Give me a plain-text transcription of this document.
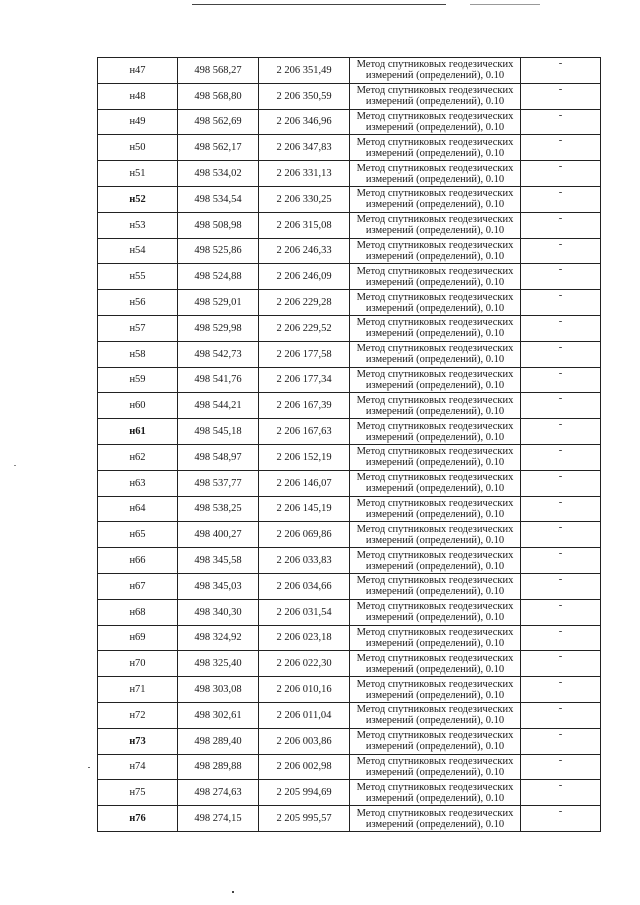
н47	498 568,27	2 206 351,49	Метод спутниковых геодезических
измерений (определений), 0.10	-
н48	498 568,80	2 206 350,59	Метод спутниковых геодезических
измерений (определений), 0.10	-
н49	498 562,69	2 206 346,96	Метод спутниковых геодезических
измерений (определений), 0.10	-
н50	498 562,17	2 206 347,83	Метод спутниковых геодезических
измерений (определений), 0.10	-
н51	498 534,02	2 206 331,13	Метод спутниковых геодезических
измерений (определений), 0.10	-
н52	498 534,54	2 206 330,25	Метод спутниковых геодезических
измерений (определений), 0.10	-
н53	498 508,98	2 206 315,08	Метод спутниковых геодезических
измерений (определений), 0.10	-
н54	498 525,86	2 206 246,33	Метод спутниковых геодезических
измерений (определений), 0.10	-
н55	498 524,88	2 206 246,09	Метод спутниковых геодезических
измерений (определений), 0.10	-
н56	498 529,01	2 206 229,28	Метод спутниковых геодезических
измерений (определений), 0.10	-
н57	498 529,98	2 206 229,52	Метод спутниковых геодезических
измерений (определений), 0.10	-
н58	498 542,73	2 206 177,58	Метод спутниковых геодезических
измерений (определений), 0.10	-
н59	498 541,76	2 206 177,34	Метод спутниковых геодезических
измерений (определений), 0.10	-
н60	498 544,21	2 206 167,39	Метод спутниковых геодезических
измерений (определений), 0.10	-
н61	498 545,18	2 206 167,63	Метод спутниковых геодезических
измерений (определений), 0.10	-
н62	498 548,97	2 206 152,19	Метод спутниковых геодезических
измерений (определений), 0.10	-
н63	498 537,77	2 206 146,07	Метод спутниковых геодезических
измерений (определений), 0.10	-
н64	498 538,25	2 206 145,19	Метод спутниковых геодезических
измерений (определений), 0.10	-
н65	498 400,27	2 206 069,86	Метод спутниковых геодезических
измерений (определений), 0.10	-
н66	498 345,58	2 206 033,83	Метод спутниковых геодезических
измерений (определений), 0.10	-
н67	498 345,03	2 206 034,66	Метод спутниковых геодезических
измерений (определений), 0.10	-
н68	498 340,30	2 206 031,54	Метод спутниковых геодезических
измерений (определений), 0.10	-
н69	498 324,92	2 206 023,18	Метод спутниковых геодезических
измерений (определений), 0.10	-
н70	498 325,40	2 206 022,30	Метод спутниковых геодезических
измерений (определений), 0.10	-
н71	498 303,08	2 206 010,16	Метод спутниковых геодезических
измерений (определений), 0.10	-
н72	498 302,61	2 206 011,04	Метод спутниковых геодезических
измерений (определений), 0.10	-
н73	498 289,40	2 206 003,86	Метод спутниковых геодезических
измерений (определений), 0.10	-
н74	498 289,88	2 206 002,98	Метод спутниковых геодезических
измерений (определений), 0.10	-
н75	498 274,63	2 205 994,69	Метод спутниковых геодезических
измерений (определений), 0.10	-
н76	498 274,15	2 205 995,57	Метод спутниковых геодезических
измерений (определений), 0.10	-
